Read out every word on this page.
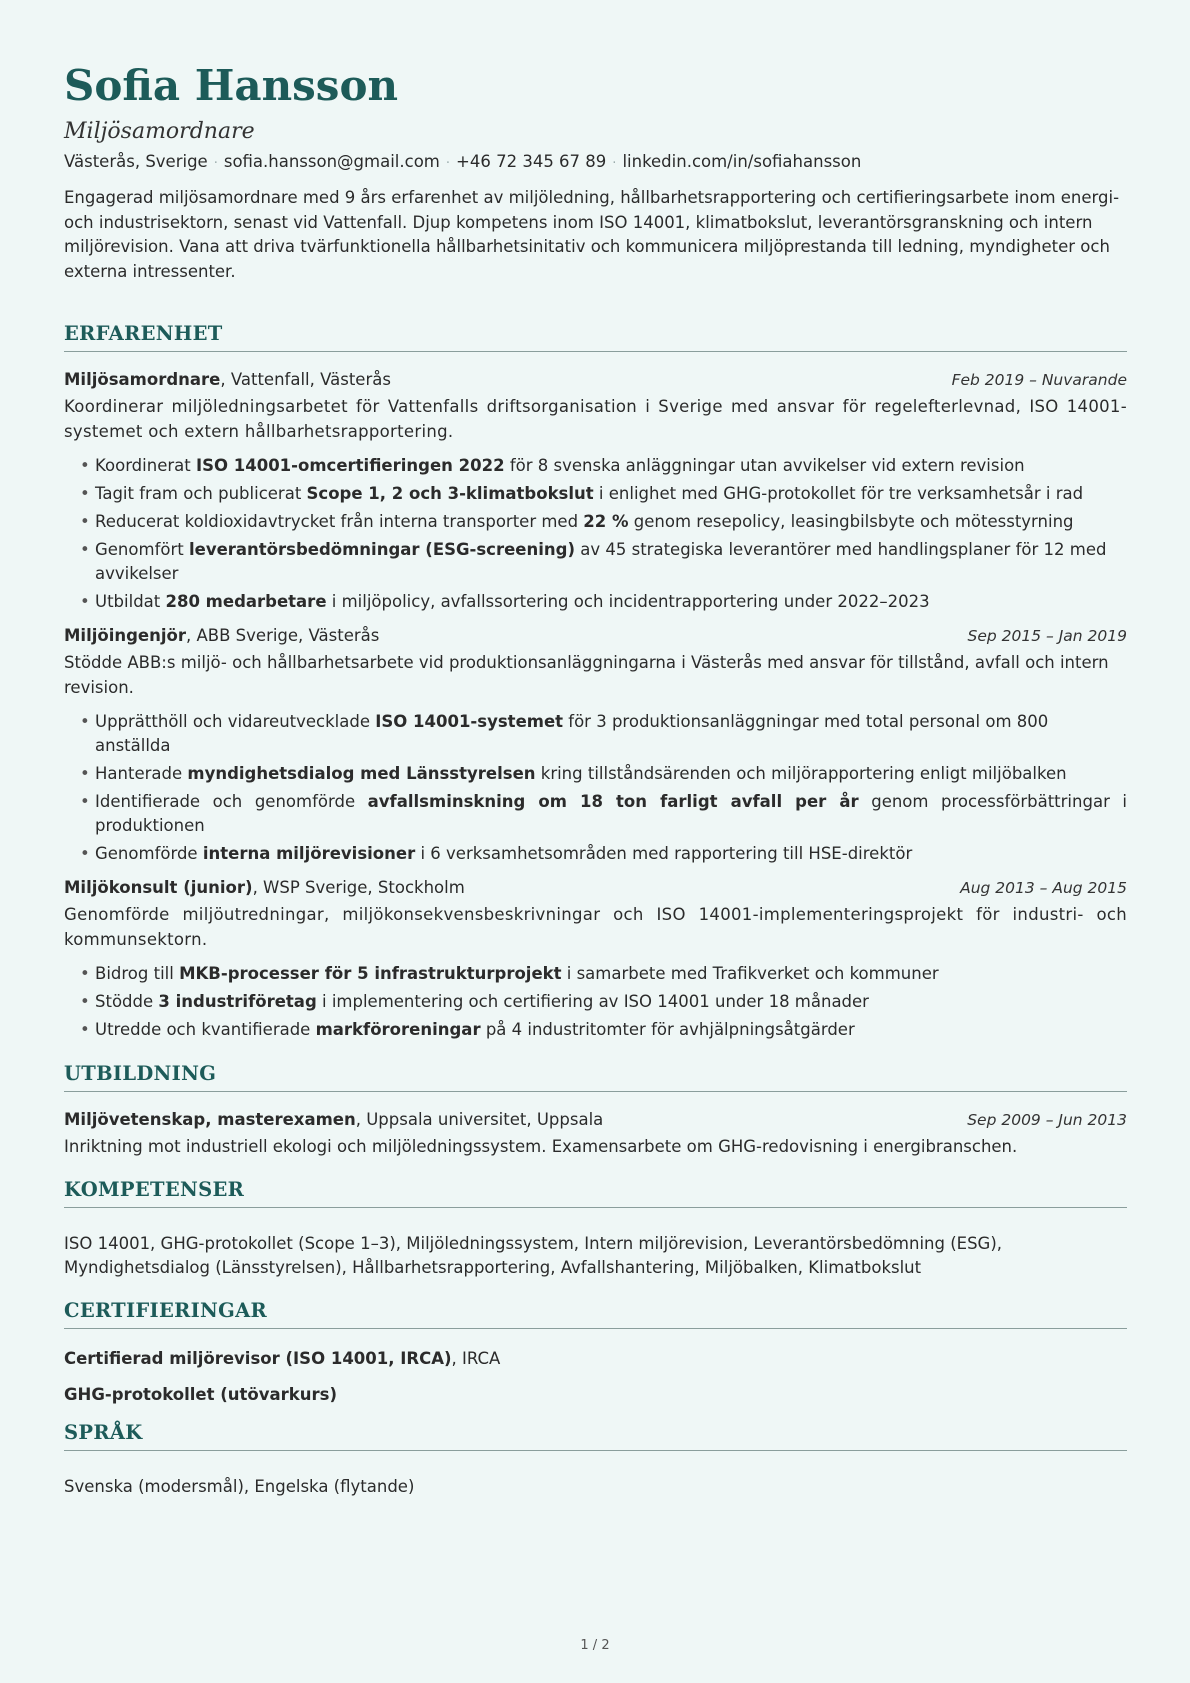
Sofia Hansson
Miljösamordnare
Västerås, Sverige · sofia.hansson@gmail.com · +46 72 345 67 89 · linkedin.com/in/sofiahansson
Engagerad miljösamordnare med 9 års erfarenhet av miljöledning, hållbarhetsrapportering och certifieringsarbete inom energi- och industrisektorn, senast vid Vattenfall. Djup kompetens inom ISO 14001, klimatbokslut, leverantörsgranskning och intern miljörevision. Vana att driva tvärfunktionella hållbarhetsinitativ och kommunicera miljöprestanda till ledning, myndigheter och externa intressenter.
ERFARENHET
Miljösamordnare, Vattenfall, Västerås	Feb 2019 – Nuvarande
Koordinerar miljöledningsarbetet för Vattenfalls driftsorganisation i Sverige med ansvar för regelefterlevnad, ISO 14001-systemet och extern hållbarhetsrapportering.
• Koordinerat ISO 14001-omcertifieringen 2022 för 8 svenska anläggningar utan avvikelser vid extern revision
• Tagit fram och publicerat Scope 1, 2 och 3-klimatbokslut i enlighet med GHG-protokollet för tre verksamhetsår i rad
• Reducerat koldioxidavtrycket från interna transporter med 22 % genom resepolicy, leasingbilsbyte och mötesstyrning
• Genomfört leverantörsbedömningar (ESG-screening) av 45 strategiska leverantörer med handlingsplaner för 12 med avvikelser
• Utbildat 280 medarbetare i miljöpolicy, avfallssortering och incidentrapportering under 2022–2023
Miljöingenjör, ABB Sverige, Västerås	Sep 2015 – Jan 2019
Stödde ABB:s miljö- och hållbarhetsarbete vid produktionsanläggningarna i Västerås med ansvar för tillstånd, avfall och intern revision.
• Upprätthöll och vidareutvecklade ISO 14001-systemet för 3 produktionsanläggningar med total personal om 800 anställda
• Hanterade myndighetsdialog med Länsstyrelsen kring tillståndsärenden och miljörapportering enligt miljöbalken
• Identifierade och genomförde avfallsminskning om 18 ton farligt avfall per år genom processförbättringar i produktionen
• Genomförde interna miljörevisioner i 6 verksamhetsområden med rapportering till HSE-direktör
Miljökonsult (junior), WSP Sverige, Stockholm	Aug 2013 – Aug 2015
Genomförde miljöutredningar, miljökonsekvensbeskrivningar och ISO 14001-implementeringsprojekt för industri- och kommunsektorn.
• Bidrog till MKB-processer för 5 infrastrukturprojekt i samarbete med Trafikverket och kommuner
• Stödde 3 industriföretag i implementering och certifiering av ISO 14001 under 18 månader
• Utredde och kvantifierade markföroreningar på 4 industritomter för avhjälpningsåtgärder
UTBILDNING
Miljövetenskap, masterexamen, Uppsala universitet, Uppsala	Sep 2009 – Jun 2013
Inriktning mot industriell ekologi och miljöledningssystem. Examensarbete om GHG-redovisning i energibranschen.
KOMPETENSER
ISO 14001, GHG-protokollet (Scope 1–3), Miljöledningssystem, Intern miljörevision, Leverantörsbedömning (ESG), Myndighetsdialog (Länsstyrelsen), Hållbarhetsrapportering, Avfallshantering, Miljöbalken, Klimatbokslut
CERTIFIERINGAR
Certifierad miljörevisor (ISO 14001, IRCA), IRCA
GHG-protokollet (utövarkurs)
SPRÅK
Svenska (modersmål), Engelska (flytande)
1 / 2
